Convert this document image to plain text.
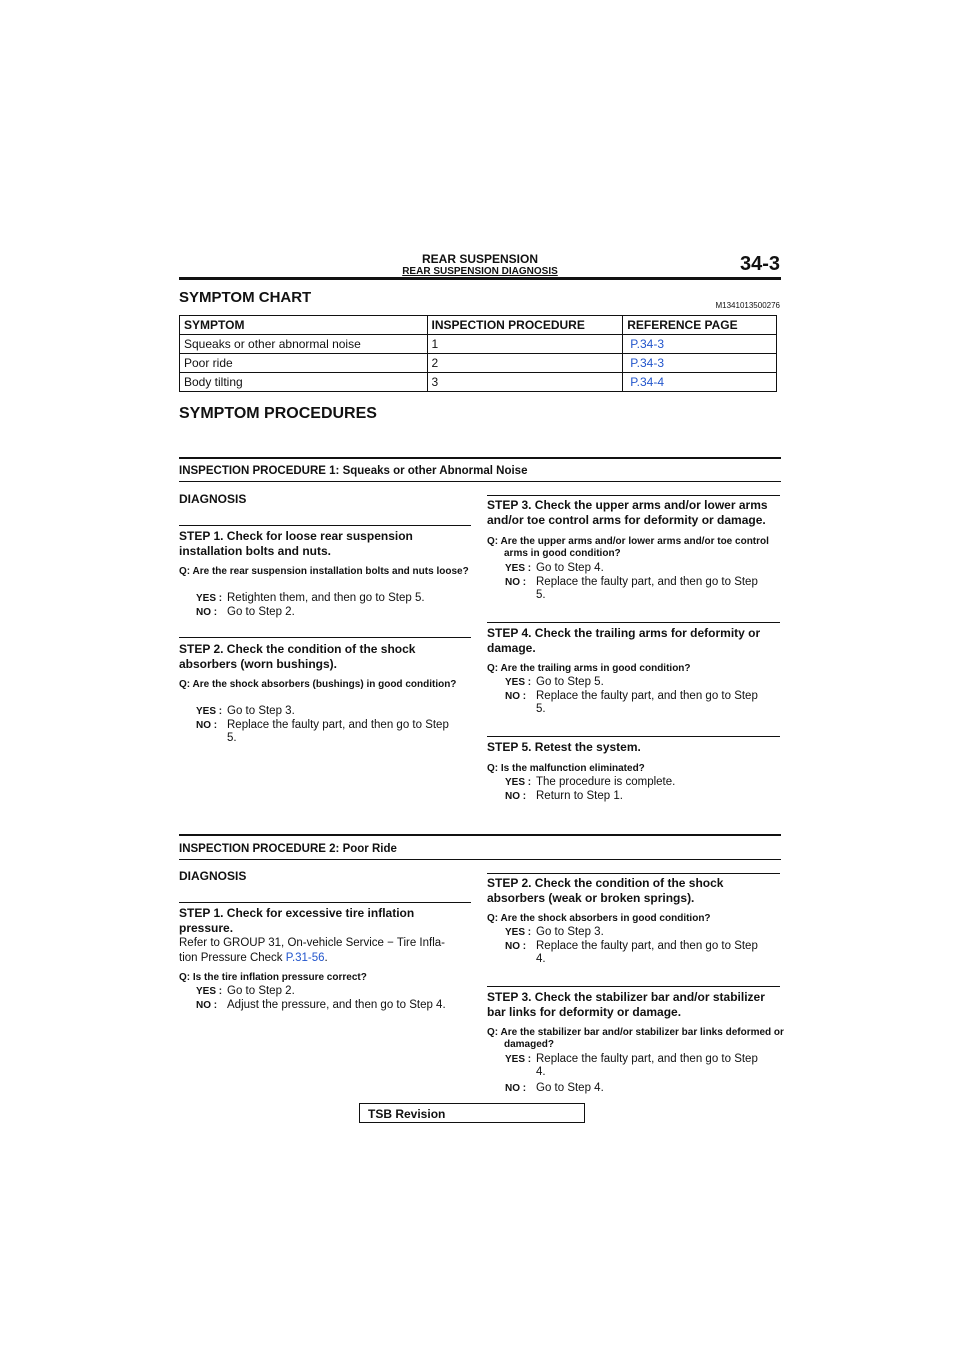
REAR SUSPENSION
REAR SUSPENSION DIAGNOSIS	34-3
SYMPTOM CHART	M1341013500276
SYMPTOM	INSPECTION PROCEDURE	REFERENCE PAGE
Squeaks or other abnormal noise	1	P.34-3
Poor ride	2	P.34-3
Body tilting	3	P.34-4
SYMPTOM PROCEDURES
INSPECTION PROCEDURE 1: Squeaks or other Abnormal Noise
DIAGNOSIS
STEP 1. Check for loose rear suspension installation bolts and nuts.
Q: Are the rear suspension installation bolts and nuts loose?
YES : Retighten them, and then go to Step 5.
NO : Go to Step 2.
STEP 2. Check the condition of the shock absorbers (worn bushings).
Q: Are the shock absorbers (bushings) in good condition?
YES : Go to Step 3.
NO : Replace the faulty part, and then go to Step
5.
STEP 3. Check the upper arms and/or lower arms and/or toe control arms for deformity or damage.
Q: Are the upper arms and/or lower arms and/or toe control arms in good condition?
YES : Go to Step 4.
NO : Replace the faulty part, and then go to Step
5.
STEP 4. Check the trailing arms for deformity or damage.
Q: Are the trailing arms in good condition?
YES : Go to Step 5.
NO : Replace the faulty part, and then go to Step
5.
STEP 5. Retest the system.
Q: Is the malfunction eliminated?
YES : The procedure is complete.
NO : Return to Step 1.
INSPECTION PROCEDURE 2: Poor Ride
DIAGNOSIS
STEP 1. Check for excessive tire inflation pressure.
Refer to GROUP 31, On-vehicle Service − Tire Infla-
tion Pressure Check P.31-56.
Q: Is the tire inflation pressure correct?
YES : Go to Step 2.
NO : Adjust the pressure, and then go to Step 4.
STEP 2. Check the condition of the shock absorbers (weak or broken springs).
Q: Are the shock absorbers in good condition?
YES : Go to Step 3.
NO : Replace the faulty part, and then go to Step
4.
STEP 3. Check the stabilizer bar and/or stabilizer bar links for deformity or damage.
Q: Are the stabilizer bar and/or stabilizer bar links deformed or damaged?
YES : Replace the faulty part, and then go to Step
4.
NO : Go to Step 4.
TSB Revision
